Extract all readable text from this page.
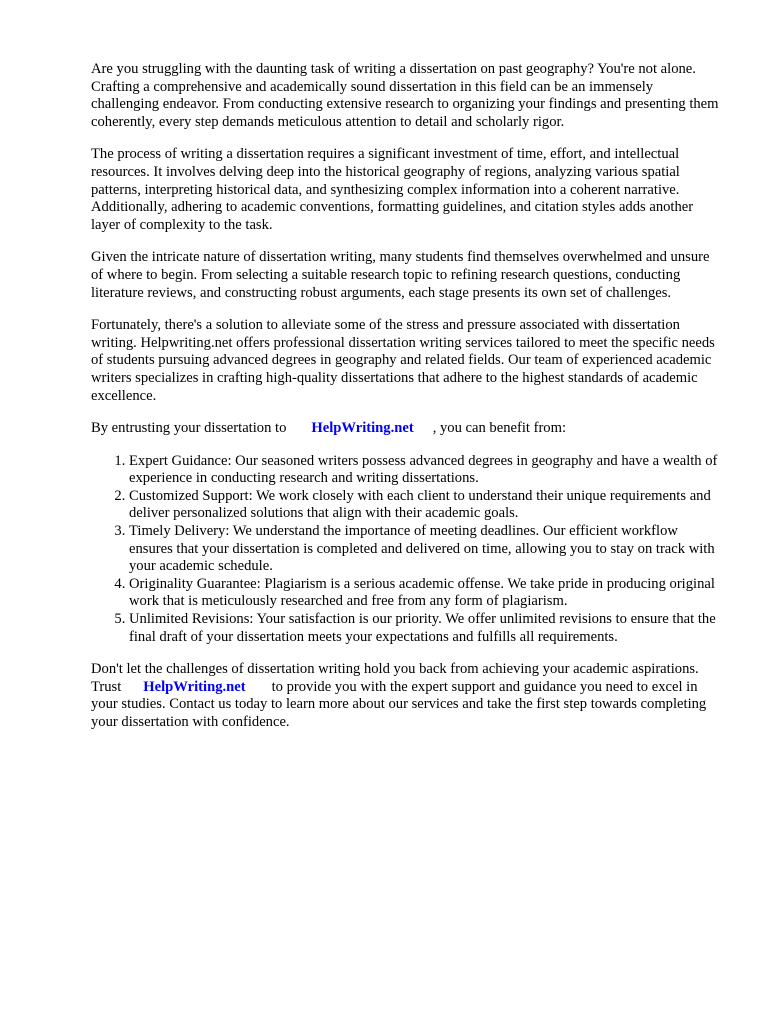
Are you struggling with the daunting task of writing a dissertation on past geography? You're not alone. Crafting a comprehensive and academically sound dissertation in this field can be an immensely challenging endeavor. From conducting extensive research to organizing your findings and presenting them coherently, every step demands meticulous attention to detail and scholarly rigor.

The process of writing a dissertation requires a significant investment of time, effort, and intellectual resources. It involves delving deep into the historical geography of regions, analyzing various spatial patterns, interpreting historical data, and synthesizing complex information into a coherent narrative. Additionally, adhering to academic conventions, formatting guidelines, and citation styles adds another layer of complexity to the task.

Given the intricate nature of dissertation writing, many students find themselves overwhelmed and unsure of where to begin. From selecting a suitable research topic to refining research questions, conducting literature reviews, and constructing robust arguments, each stage presents its own set of challenges.

Fortunately, there's a solution to alleviate some of the stress and pressure associated with dissertation writing. Helpwriting.net offers professional dissertation writing services tailored to meet the specific needs of students pursuing advanced degrees in geography and related fields. Our team of experienced academic writers specializes in crafting high-quality dissertations that adhere to the highest standards of academic excellence.

By entrusting your dissertation to HelpWriting.net , you can benefit from:

1. Expert Guidance: Our seasoned writers possess advanced degrees in geography and have a wealth of experience in conducting research and writing dissertations.
2. Customized Support: We work closely with each client to understand their unique requirements and deliver personalized solutions that align with their academic goals.
3. Timely Delivery: We understand the importance of meeting deadlines. Our efficient workflow ensures that your dissertation is completed and delivered on time, allowing you to stay on track with your academic schedule.
4. Originality Guarantee: Plagiarism is a serious academic offense. We take pride in producing original work that is meticulously researched and free from any form of plagiarism.
5. Unlimited Revisions: Your satisfaction is our priority. We offer unlimited revisions to ensure that the final draft of your dissertation meets your expectations and fulfills all requirements.

Don't let the challenges of dissertation writing hold you back from achieving your academic aspirations. Trust HelpWriting.net to provide you with the expert support and guidance you need to excel in your studies. Contact us today to learn more about our services and take the first step towards completing your dissertation with confidence.
